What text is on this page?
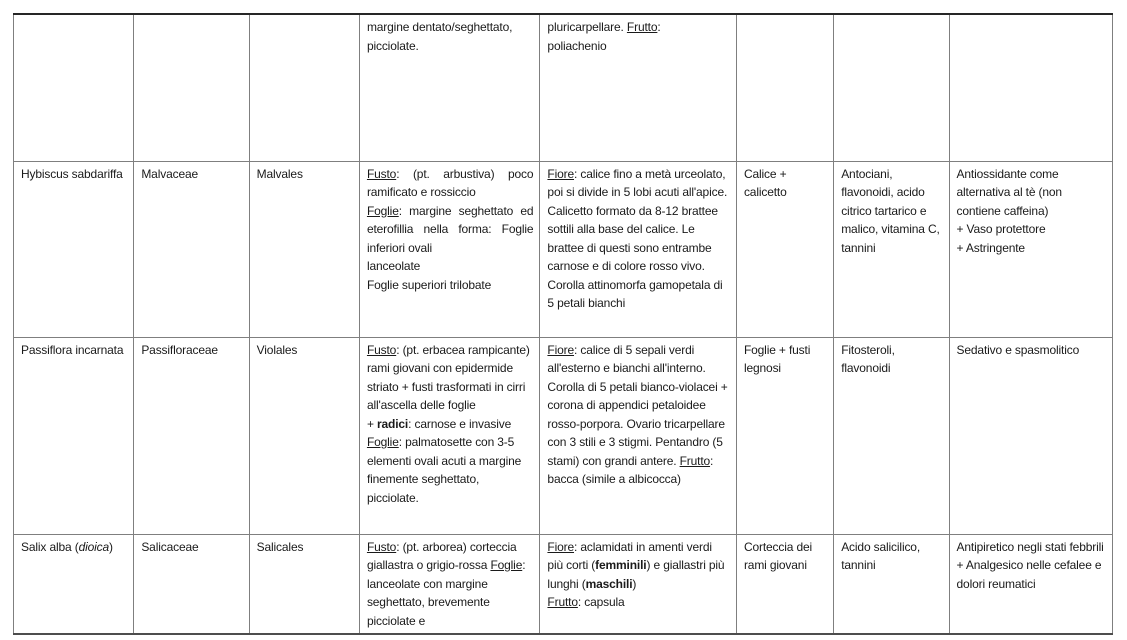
			margine dentato/seghettato, picciolate.	pluricarpellare. Frutto:
poliachenio			
Hybiscus sabdariffa	Malvaceae	Malvales	Fusto: (pt. arbustiva) poco ramificato e rossiccio
Foglie: margine seghettato ed eterofillia nella forma: Foglie inferiori ovali
lanceolate
Foglie superiori trilobate	Fiore: calice fino a metà urceolato, poi si divide in 5 lobi acuti all'apice. Calicetto formato da 8-12 brattee sottili alla base del calice. Le brattee di questi sono entrambe carnose e di colore rosso vivo. Corolla attinomorfa gamopetala di 5 petali bianchi	Calice + calicetto	Antociani, flavonoidi, acido citrico tartarico e malico, vitamina C, tannini	Antiossidante come alternativa al tè (non contiene caffeina)
+ Vaso protettore
+ Astringente
Passiflora incarnata	Passifloraceae	Violales	Fusto: (pt. erbacea rampicante) rami giovani con epidermide striato + fusti trasformati in cirri all'ascella delle foglie
+ radici: carnose e invasive
Foglie: palmatosette con 3-5 elementi ovali acuti a margine finemente seghettato, picciolate.	Fiore: calice di 5 sepali verdi all'esterno e bianchi all'interno.
Corolla di 5 petali bianco-violacei + corona di appendici petaloidee rosso-porpora. Ovario tricarpellare con 3 stili e 3 stigmi. Pentandro (5 stami) con grandi antere. Frutto: bacca (simile a albicocca)	Foglie + fusti legnosi	Fitosteroli, flavonoidi	Sedativo e spasmolitico
Salix alba (dioica)	Salicaceae	Salicales	Fusto: (pt. arborea) corteccia giallastra o grigio-rossa Foglie: lanceolate con margine seghettato, brevemente picciolate e	Fiore: aclamidati in amenti verdi più corti (femminili) e giallastri più lunghi (maschili)
Frutto: capsula	Corteccia dei rami giovani	Acido salicilico, tannini	Antipiretico negli stati febbrili
+ Analgesico nelle cefalee e dolori reumatici
